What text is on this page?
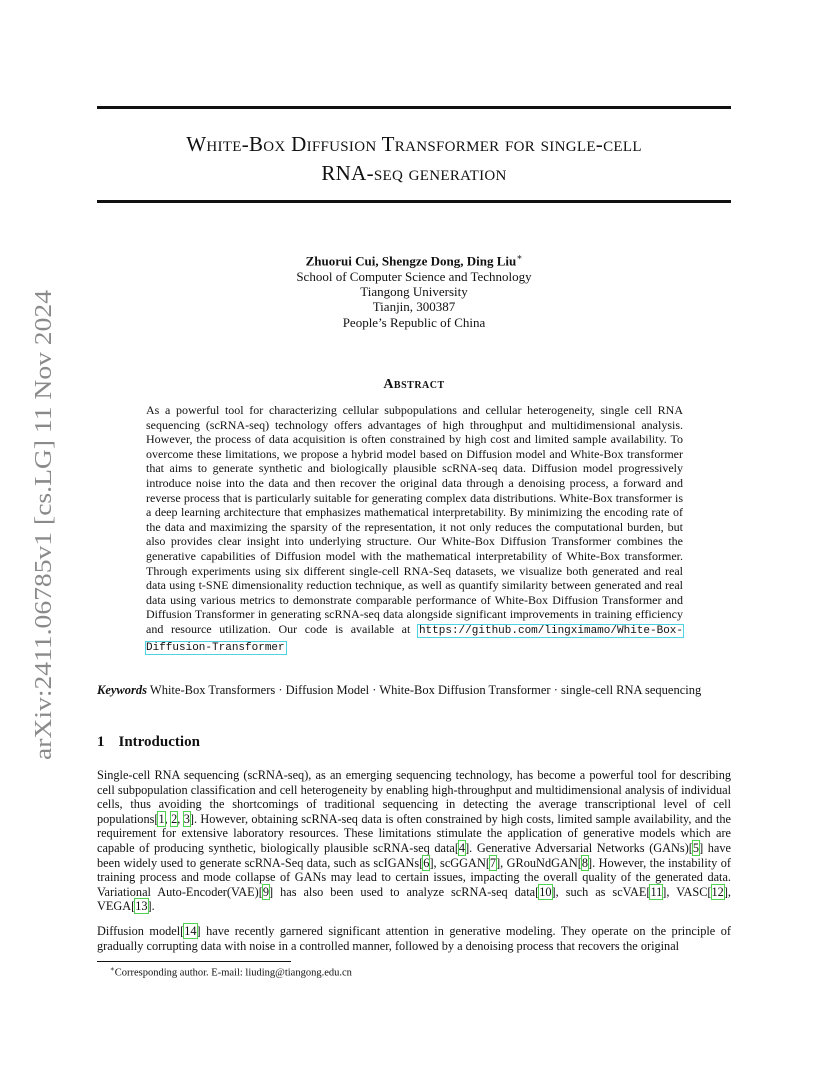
arXiv:2411.06785v1 [cs.LG] 11 Nov 2024
White-Box Diffusion Transformer for single-cell
RNA-seq generation
Zhuorui Cui, Shengze Dong, Ding Liu∗
School of Computer Science and Technology
Tiangong University
Tianjin, 300387
People’s Republic of China
Abstract

As a powerful tool for characterizing cellular subpopulations and cellular heterogeneity, single cell RNA sequencing (scRNA-seq) technology offers advantages of high throughput and multidimensional analysis. However, the process of data acquisition is often constrained by high cost and limited sample availability. To overcome these limitations, we propose a hybrid model based on Diffusion model and White-Box transformer that aims to generate synthetic and biologically plausible scRNA-seq data. Diffusion model progressively introduce noise into the data and then recover the original data through a denoising process, a forward and reverse process that is particularly suitable for generating complex data distributions. White-Box transformer is a deep learning architecture that emphasizes mathematical interpretability. By minimizing the encoding rate of the data and maximizing the sparsity of the representation, it not only reduces the computational burden, but also provides clear insight into underlying structure. Our White-Box Diffusion Transformer combines the generative capabilities of Diffusion model with the mathematical interpretability of White-Box transformer. Through experiments using six different single-cell RNA-Seq datasets, we visualize both generated and real data using t-SNE dimensionality reduction technique, as well as quantify similarity between generated and real data using various metrics to demonstrate comparable performance of White-Box Diffusion Transformer and Diffusion Transformer in generating scRNA-seq data alongside significant improvements in training efficiency and resource utilization. Our code is available at https://github.com/lingximamo/White-Box-Diffusion-Transformer

Keywords White-Box Transformers · Diffusion Model · White-Box Diffusion Transformer · single-cell RNA sequencing
1 Introduction

Single-cell RNA sequencing (scRNA-seq), as an emerging sequencing technology, has become a powerful tool for describing cell subpopulation classification and cell heterogeneity by enabling high-throughput and multidimensional analysis of individual cells, thus avoiding the shortcomings of traditional sequencing in detecting the average transcriptional level of cell populations[1, 2, 3]. However, obtaining scRNA-seq data is often constrained by high costs, limited sample availability, and the requirement for extensive laboratory resources. These limitations stimulate the application of generative models which are capable of producing synthetic, biologically plausible scRNA-seq data[4]. Generative Adversarial Networks (GANs)[5] have been widely used to generate scRNA-Seq data, such as scIGANs[6], scGGAN[7], GRouNdGAN[8]. However, the instability of training process and mode collapse of GANs may lead to certain issues, impacting the overall quality of the generated data. Variational Auto-Encoder(VAE)[9] has also been used to analyze scRNA-seq data[10], such as scVAE[11], VASC[12], VEGA[13].

Diffusion model[14] have recently garnered significant attention in generative modeling. They operate on the principle of gradually corrupting data with noise in a controlled manner, followed by a denoising process that recovers the original

∗Corresponding author. E-mail: liuding@tiangong.edu.cn
